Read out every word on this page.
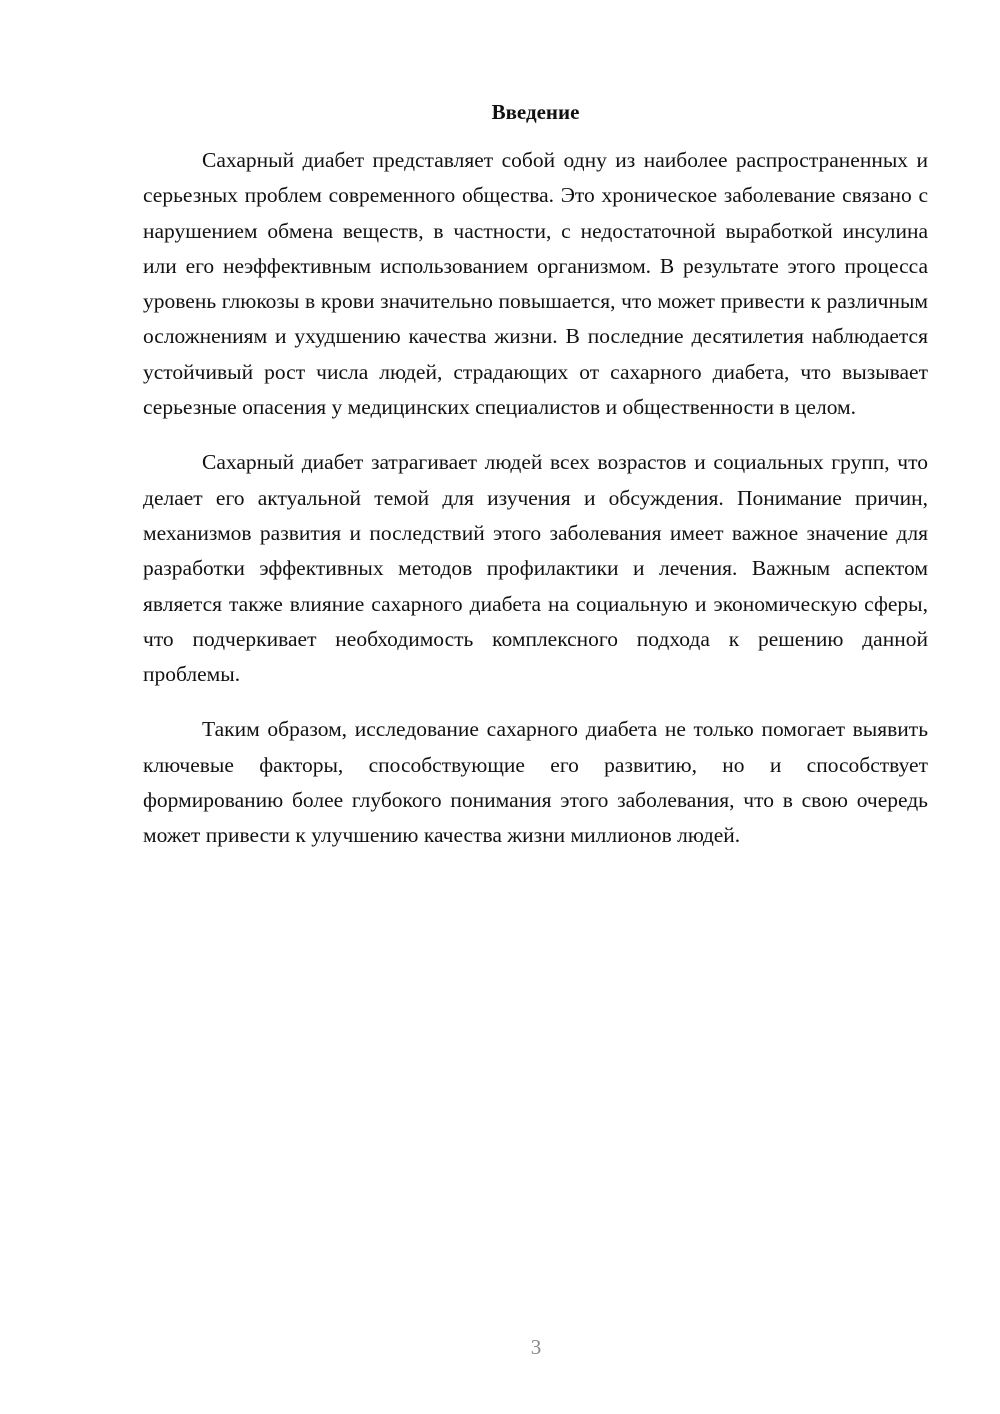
Введение

Сахарный диабет представляет собой одну из наиболее распространенных и серьезных проблем современного общества. Это хроническое заболевание связано с нарушением обмена веществ, в частности, с недостаточной выработкой инсулина или его неэффективным использованием организмом. В результате этого процесса уровень глюкозы в крови значительно повышается, что может привести к различным осложнениям и ухудшению качества жизни. В последние десятилетия наблюдается устойчивый рост числа людей, страдающих от сахарного диабета, что вызывает серьезные опасения у медицинских специалистов и общественности в целом.

Сахарный диабет затрагивает людей всех возрастов и социальных групп, что делает его актуальной темой для изучения и обсуждения. Понимание причин, механизмов развития и последствий этого заболевания имеет важное значение для разработки эффективных методов профилактики и лечения. Важным аспектом является также влияние сахарного диабета на социальную и экономическую сферы, что подчеркивает необходимость комплексного подхода к решению данной проблемы.

Таким образом, исследование сахарного диабета не только помогает выявить ключевые факторы, способствующие его развитию, но и способствует формированию более глубокого понимания этого заболевания, что в свою очередь может привести к улучшению качества жизни миллионов людей.

3
